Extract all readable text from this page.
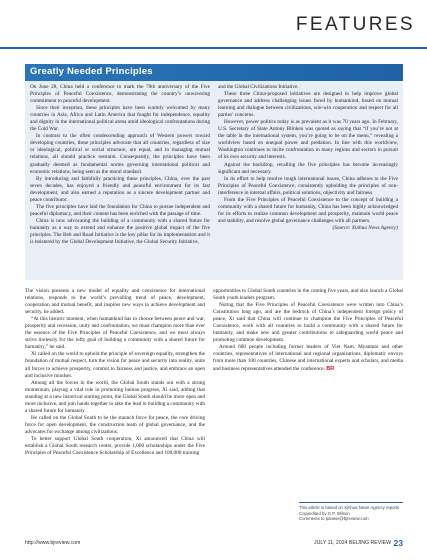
FEATURES
Greatly Needed Principles

On June 28, China held a conference to mark the 70th anniversary of the Five Principles of Peaceful Coexistence, demonstrating the country’s unwavering commitment to peaceful development.

Since their inception, these principles have been warmly welcomed by many countries in Asia, Africa and Latin America that fought for independence, equality and dignity in the international political arena amid ideological confrontations during the Cold War.

In contrast to the often condescending approach of Western powers toward developing countries, these principles advocate that all countries, regardless of size or ideological, political or social structure, are equal, and in managing mutual relations, all should practice restraint. Consequently, the principles have been gradually deemed as fundamental norms governing international political and economic relations, being seen as the moral standard.

By introducing and faithfully practicing these principles, China, over the past seven decades, has enjoyed a friendly and peaceful environment for its fast development, and also earned a reputation as a sincere development partner and peace contributor.

The five principles have laid the foundation for China to pursue independent and peaceful diplomacy, and their content has been enriched with the passage of time.

China is now advocating the building of a community with a shared future for humanity as a way to extend and enhance the positive global impact of the five principles. The Belt and Road Initiative is the key pillar for its implementation and it is bolstered by the Global Development Initiative, the Global Security Initiative,

and the Global Civilizations Initiative.

These three China-proposed initiatives are designed to help improve global governance and address challenging issues faced by humankind, based on mutual learning and dialogue between civilizations, win-win cooperation and respect for all parties’ concerns.

However, power politics today is as prevalent as it was 70 years ago. In February, U.S. Secretary of State Antony Blinken was quoted as saying that “if you’re not at the table in the international system, you’re going to be on the menu,” revealing a worldview based on unequal power and predation. In line with this worldview, Washington continues to incite confrontation in many regions and sectors in pursuit of its own security and interests.

Against the backdrop, recalling the five principles has become increasingly significant and necessary.

In its effort to help resolve tough international issues, China adheres to the Five Principles of Peaceful Coexistence, consistently upholding the principles of non-interference in internal affairs, political solutions, objectivity and fairness.

From the Five Principles of Peaceful Coexistence to the concept of building a community with a shared future for humanity, China has been highly acknowledged for its efforts to realize common development and prosperity, maintain world peace and stability, and resolve global governance challenges with all partners.

(Source: Xinhua News Agency)

The vision presents a new model of equality and coexistence for international relations, responds to the world’s prevailing trend of peace, development, cooperation and mutual benefit, and inspires new ways to achieve development and security, he added.

“At this historic moment, when humankind has to choose between peace and war, prosperity and recession, unity and confrontation, we must champion more than ever the essence of the Five Principles of Peaceful Coexistence, and we must always strive tirelessly for the lofty goal of building a community with a shared future for humanity,” he said.

Xi called on the world to uphold the principle of sovereign equality, strengthen the foundation of mutual respect, turn the vision for peace and security into reality, unite all forces to achieve prosperity, commit to fairness and justice, and embrace an open and inclusive mindset.

Among all the forces in the world, the Global South stands out with a strong momentum, playing a vital role in promoting human progress, Xi said, adding that standing at a new historical starting point, the Global South should be more open and more inclusive, and join hands together to take the lead in building a community with a shared future for humanity.

He called on the Global South to be the staunch force for peace, the core driving force for open development, the construction team of global governance, and the advocates for exchange among civilizations.

To better support Global South cooperation, Xi announced that China will establish a Global South research center, provide 1,000 scholarships under the Five Principles of Peaceful Coexistence Scholarship of Excellence and 100,000 training

opportunities to Global South countries in the coming five years, and also launch a Global South youth leaders program.

Noting that the Five Principles of Peaceful Coexistence were written into China’s Constitution long ago, and are the bedrock of China’s independent foreign policy of peace, Xi said that China will continue to champion the Five Principles of Peaceful Coexistence, work with all countries to build a community with a shared future for humanity, and make new and greater contributions to safeguarding world peace and promoting common development.

Around 600 people including former leaders of Viet Nam, Myanmar and other countries, representatives of international and regional organizations, diplomatic envoys from more than 100 countries, Chinese and international experts and scholars, and media and business representatives attended the conference. BR

This article is based on Xinhua News Agency reports
Copyedited by G.P. Wilson
Comments to panwei@bjreview.com
http://www.bjreview.com	JULY 11, 2024 BEIJING REVIEW 23
